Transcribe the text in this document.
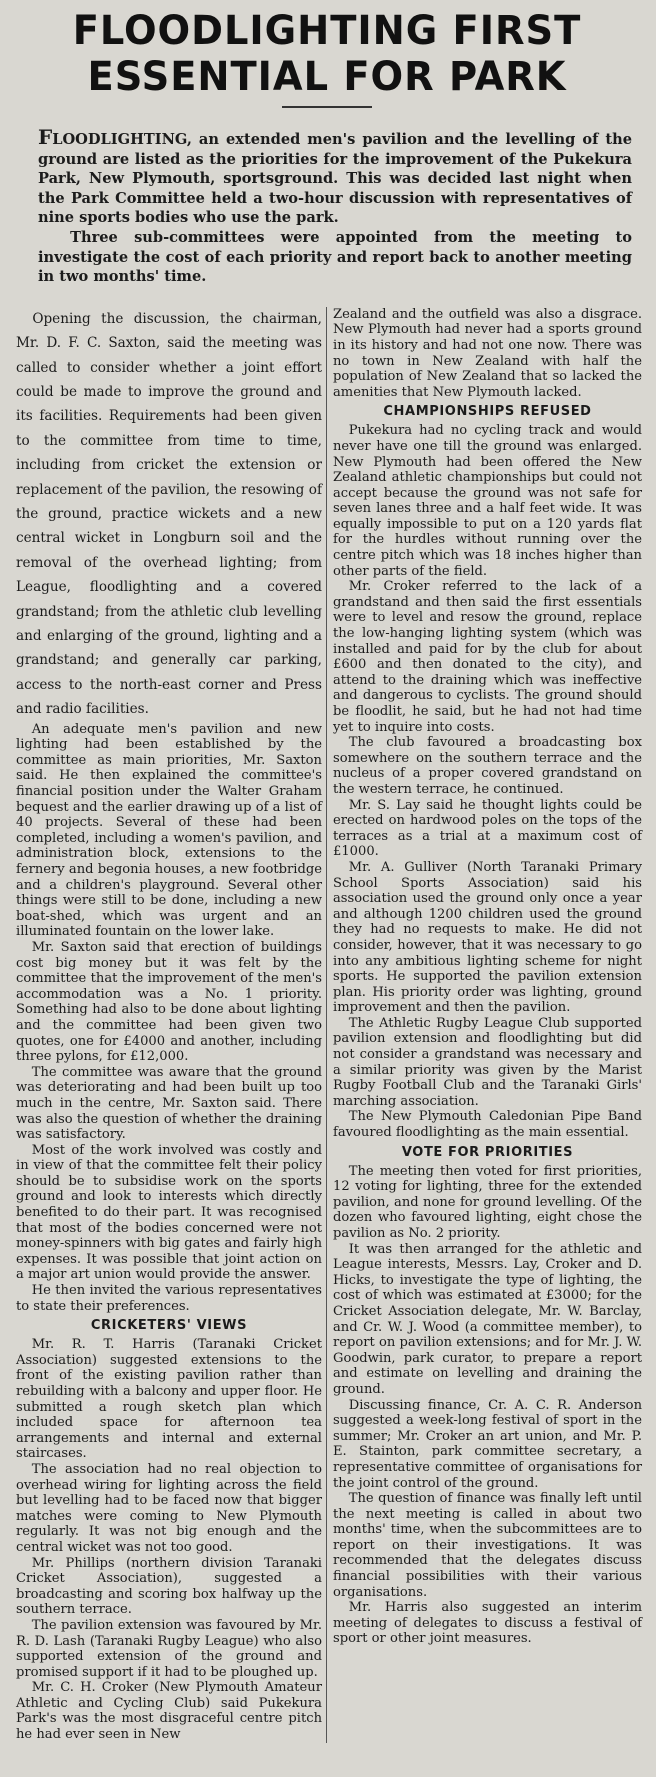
FLOODLIGHTING FIRST
ESSENTIAL FOR PARK

FLOODLIGHTING, an extended men's pavilion and the levelling of the ground are listed as the priorities for the improvement of the Pukekura Park, New Plymouth, sportsground. This was decided last night when the Park Committee held a two-hour discussion with representatives of nine sports bodies who use the park.

Three sub-committees were appointed from the meeting to investigate the cost of each priority and report back to another meeting in two months' time.

Opening the discussion, the chairman, Mr. D. F. C. Saxton, said the meeting was called to consider whether a joint effort could be made to improve the ground and its facilities. Requirements had been given to the committee from time to time, including from cricket the extension or replacement of the pavilion, the resowing of the ground, practice wickets and a new central wicket in Longburn soil and the removal of the overhead lighting; from League, floodlighting and a covered grandstand; from the athletic club levelling and enlarging of the ground, lighting and a grandstand; and generally car parking, access to the north-east corner and Press and radio facilities.

An adequate men's pavilion and new lighting had been established by the committee as main priorities, Mr. Saxton said. He then explained the committee's financial position under the Walter Graham bequest and the earlier drawing up of a list of 40 projects. Several of these had been completed, including a women's pavilion, and administration block, extensions to the fernery and begonia houses, a new footbridge and a children's playground. Several other things were still to be done, including a new boat-shed, which was urgent and an illuminated fountain on the lower lake.

Mr. Saxton said that erection of buildings cost big money but it was felt by the committee that the improvement of the men's accommodation was a No. 1 priority. Something had also to be done about lighting and the committee had been given two quotes, one for £4000 and another, including three pylons, for £12,000.

The committee was aware that the ground was deteriorating and had been built up too much in the centre, Mr. Saxton said. There was also the question of whether the draining was satisfactory.

Most of the work involved was costly and in view of that the committee felt their policy should be to subsidise work on the sports ground and look to interests which directly benefited to do their part. It was recognised that most of the bodies concerned were not money-spinners with big gates and fairly high expenses. It was possible that joint action on a major art union would provide the answer.

He then invited the various representatives to state their preferences.

CRICKETERS' VIEWS

Mr. R. T. Harris (Taranaki Cricket Association) suggested extensions to the front of the existing pavilion rather than rebuilding with a balcony and upper floor. He submitted a rough sketch plan which included space for afternoon tea arrangements and internal and external staircases.

The association had no real objection to overhead wiring for lighting across the field but levelling had to be faced now that bigger matches were coming to New Plymouth regularly. It was not big enough and the central wicket was not too good.

Mr. Phillips (northern division Taranaki Cricket Association), suggested a broadcasting and scoring box halfway up the southern terrace.

The pavilion extension was favoured by Mr. R. D. Lash (Taranaki Rugby League) who also supported extension of the ground and promised support if it had to be ploughed up.

Mr. C. H. Croker (New Plymouth Amateur Athletic and Cycling Club) said Pukekura Park's was the most disgraceful centre pitch he had ever seen in New

Zealand and the outfield was also a disgrace. New Plymouth had never had a sports ground in its history and had not one now. There was no town in New Zealand with half the population of New Zealand that so lacked the amenities that New Plymouth lacked.

CHAMPIONSHIPS REFUSED

Pukekura had no cycling track and would never have one till the ground was enlarged. New Plymouth had been offered the New Zealand athletic championships but could not accept because the ground was not safe for seven lanes three and a half feet wide. It was equally impossible to put on a 120 yards flat for the hurdles without running over the centre pitch which was 18 inches higher than other parts of the field.

Mr. Croker referred to the lack of a grandstand and then said the first essentials were to level and resow the ground, replace the low-hanging lighting system (which was installed and paid for by the club for about £600 and then donated to the city), and attend to the draining which was ineffective and dangerous to cyclists. The ground should be floodlit, he said, but he had not had time yet to inquire into costs.

The club favoured a broadcasting box somewhere on the southern terrace and the nucleus of a proper covered grandstand on the western terrace, he continued.

Mr. S. Lay said he thought lights could be erected on hardwood poles on the tops of the terraces as a trial at a maximum cost of £1000.

Mr. A. Gulliver (North Taranaki Primary School Sports Association) said his association used the ground only once a year and although 1200 children used the ground they had no requests to make. He did not consider, however, that it was necessary to go into any ambitious lighting scheme for night sports. He supported the pavilion extension plan. His priority order was lighting, ground improvement and then the pavilion.

The Athletic Rugby League Club supported pavilion extension and floodlighting but did not consider a grandstand was necessary and a similar priority was given by the Marist Rugby Football Club and the Taranaki Girls' marching association.

The New Plymouth Caledonian Pipe Band favoured floodlighting as the main essential.

VOTE FOR PRIORITIES

The meeting then voted for first priorities, 12 voting for lighting, three for the extended pavilion, and none for ground levelling. Of the dozen who favoured lighting, eight chose the pavilion as No. 2 priority.

It was then arranged for the athletic and League interests, Messrs. Lay, Croker and D. Hicks, to investigate the type of lighting, the cost of which was estimated at £3000; for the Cricket Association delegate, Mr. W. Barclay, and Cr. W. J. Wood (a committee member), to report on pavilion extensions; and for Mr. J. W. Goodwin, park curator, to prepare a report and estimate on levelling and draining the ground.

Discussing finance, Cr. A. C. R. Anderson suggested a week-long festival of sport in the summer; Mr. Croker an art union, and Mr. P. E. Stainton, park committee secretary, a representative committee of organisations for the joint control of the ground.

The question of finance was finally left until the next meeting is called in about two months' time, when the subcommittees are to report on their investigations. It was recommended that the delegates discuss financial possibilities with their various organisations.

Mr. Harris also suggested an interim meeting of delegates to discuss a festival of sport or other joint measures.
